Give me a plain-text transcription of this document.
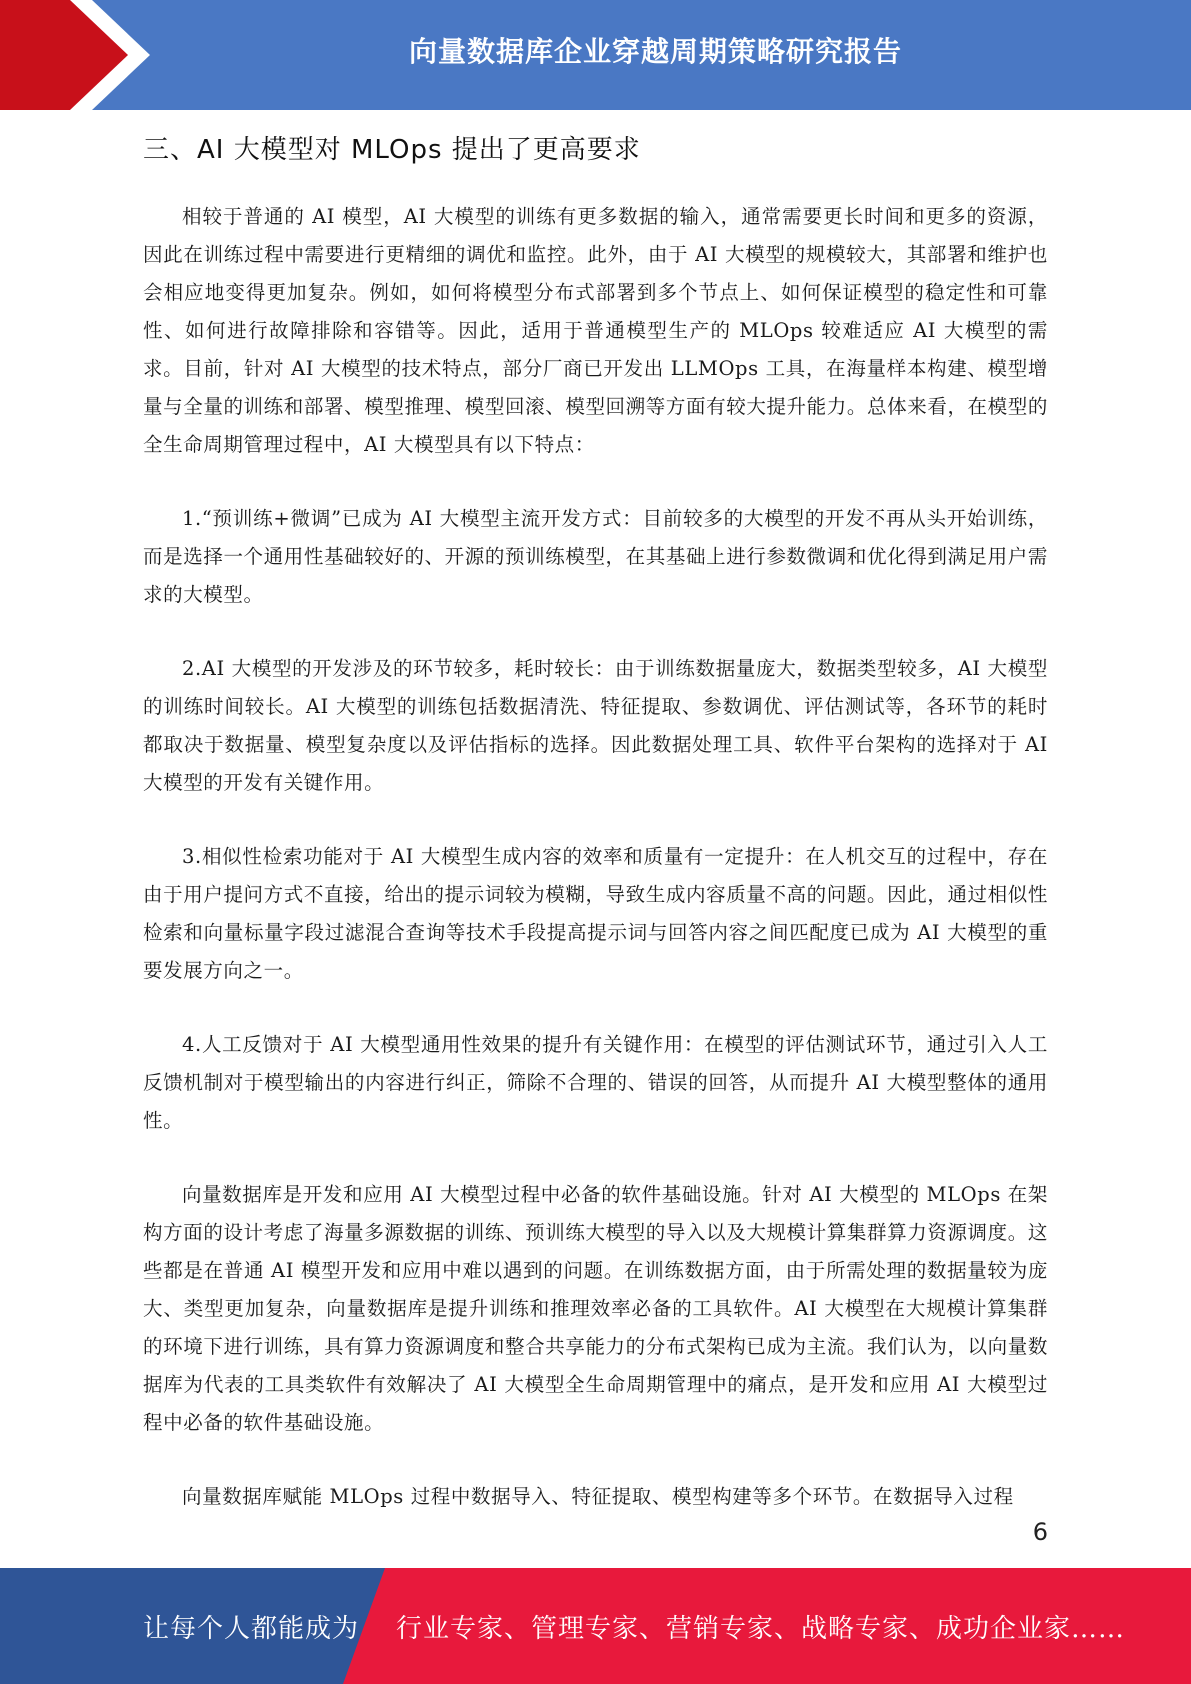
向量数据库企业穿越周期策略研究报告
三、AI 大模型对 MLOps 提出了更高要求

相较于普通的 AI 模型，AI 大模型的训练有更多数据的输入，通常需要更长时间和更多的资源，因此在训练过程中需要进行更精细的调优和监控。此外，由于 AI 大模型的规模较大，其部署和维护也会相应地变得更加复杂。例如，如何将模型分布式部署到多个节点上、如何保证模型的稳定性和可靠性、如何进行故障排除和容错等。因此，适用于普通模型生产的 MLOps 较难适应 AI 大模型的需求。目前，针对 AI 大模型的技术特点，部分厂商已开发出 LLMOps 工具，在海量样本构建、模型增量与全量的训练和部署、模型推理、模型回滚、模型回溯等方面有较大提升能力。总体来看，在模型的全生命周期管理过程中，AI 大模型具有以下特点：

1.“预训练+微调”已成为 AI 大模型主流开发方式：目前较多的大模型的开发不再从头开始训练，而是选择一个通用性基础较好的、开源的预训练模型，在其基础上进行参数微调和优化得到满足用户需求的大模型。

2.AI 大模型的开发涉及的环节较多，耗时较长：由于训练数据量庞大，数据类型较多，AI 大模型的训练时间较长。AI 大模型的训练包括数据清洗、特征提取、参数调优、评估测试等，各环节的耗时都取决于数据量、模型复杂度以及评估指标的选择。因此数据处理工具、软件平台架构的选择对于 AI 大模型的开发有关键作用。

3.相似性检索功能对于 AI 大模型生成内容的效率和质量有一定提升：在人机交互的过程中，存在由于用户提问方式不直接，给出的提示词较为模糊，导致生成内容质量不高的问题。因此，通过相似性检索和向量标量字段过滤混合查询等技术手段提高提示词与回答内容之间匹配度已成为 AI 大模型的重要发展方向之一。

4.人工反馈对于 AI 大模型通用性效果的提升有关键作用：在模型的评估测试环节，通过引入人工反馈机制对于模型输出的内容进行纠正，筛除不合理的、错误的回答，从而提升 AI 大模型整体的通用性。

向量数据库是开发和应用 AI 大模型过程中必备的软件基础设施。针对 AI 大模型的 MLOps 在架构方面的设计考虑了海量多源数据的训练、预训练大模型的导入以及大规模计算集群算力资源调度。这些都是在普通 AI 模型开发和应用中难以遇到的问题。在训练数据方面，由于所需处理的数据量较为庞大、类型更加复杂，向量数据库是提升训练和推理效率必备的工具软件。AI 大模型在大规模计算集群的环境下进行训练，具有算力资源调度和整合共享能力的分布式架构已成为主流。我们认为，以向量数据库为代表的工具类软件有效解决了 AI 大模型全生命周期管理中的痛点，是开发和应用 AI 大模型过程中必备的软件基础设施。

向量数据库赋能 MLOps 过程中数据导入、特征提取、模型构建等多个环节。在数据导入过程

6
让每个人都能成为 行业专家、管理专家、营销专家、战略专家、成功企业家……
